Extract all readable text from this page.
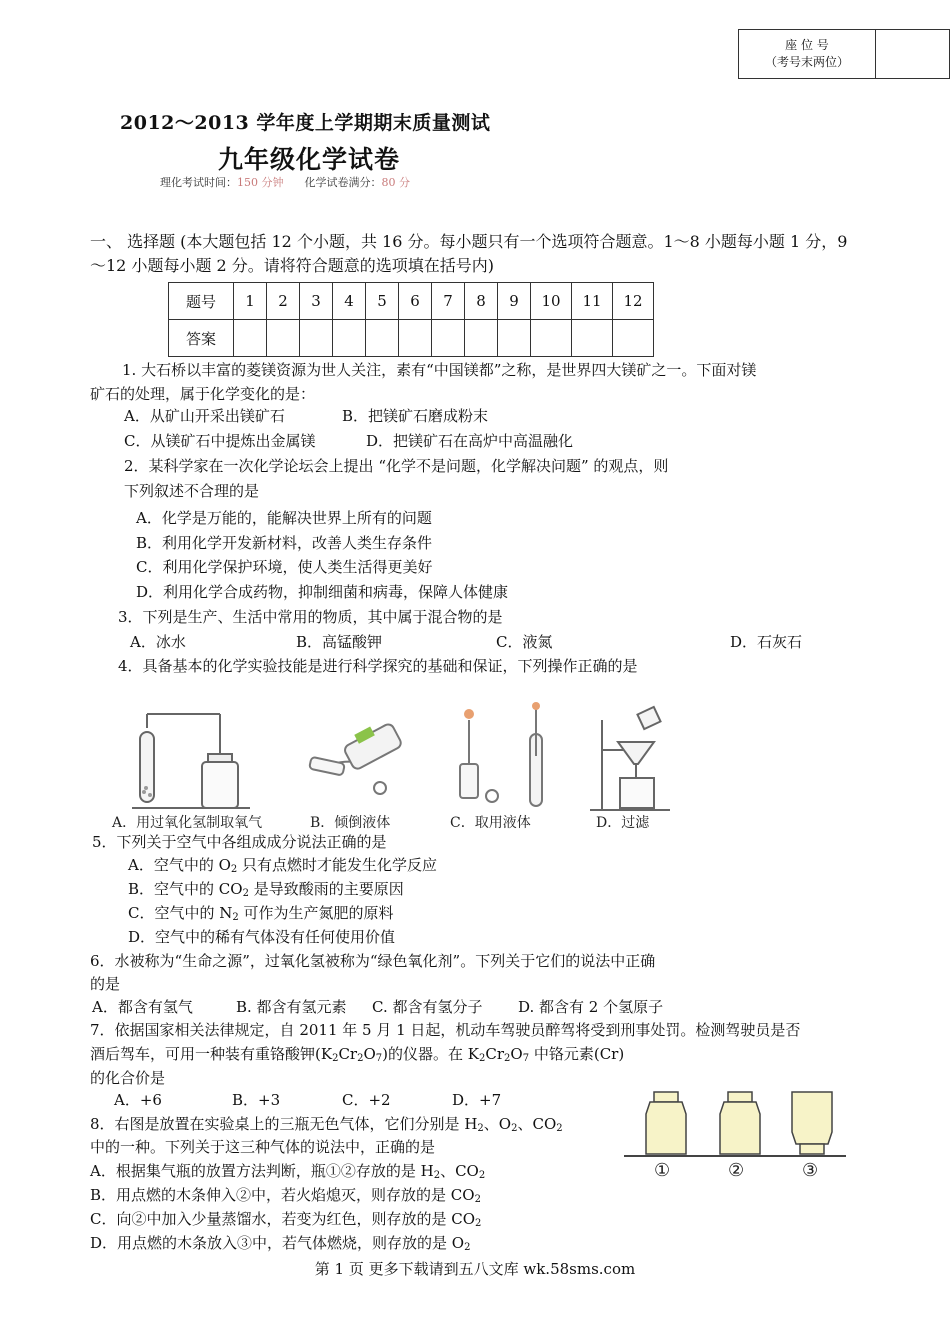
座 位 号
（考号末两位）
2012～2013 学年度上学期期末质量测试
九年级化学试卷
理化考试时间：150 分钟 化学试卷满分：80 分
一、 选择题 (本大题包括 12 个小题，共 16 分。每小题只有一个选项符合题意。1～8 小题每小题 1 分，9～12 小题每小题 2 分。请将符合题意的选项填在括号内)
题号	1	2	3	4	5	6	7	8	9	10	11	12
答案												
1. 大石桥以丰富的菱镁资源为世人关注，素有“中国镁都”之称，是世界四大镁矿之一。下面对镁
矿石的处理，属于化学变化的是：
A．从矿山开采出镁矿石	B．把镁矿石磨成粉末
C．从镁矿石中提炼出金属镁	D．把镁矿石在高炉中高温融化
2．某科学家在一次化学论坛会上提出 “化学不是问题，化学解决问题” 的观点，则
下列叙述不合理的是
A．化学是万能的，能解决世界上所有的问题
B．利用化学开发新材料，改善人类生存条件
C．利用化学保护环境，使人类生活得更美好
D．利用化学合成药物，抑制细菌和病毒，保障人体健康
3．下列是生产、生活中常用的物质，其中属于混合物的是
A．冰水	B．高锰酸钾	C．液氮	D．石灰石
4．具备基本的化学实验技能是进行科学探究的基础和保证，下列操作正确的是
A．用过氧化氢制取氧气	B．倾倒液体	C．取用液体	D．过滤
5．下列关于空气中各组成成分说法正确的是
A．空气中的 $O_2$ 只有点燃时才能发生化学反应
B．空气中的 $CO_2$ 是导致酸雨的主要原因
C．空气中的 $N_2$ 可作为生产氮肥的原料
D．空气中的稀有气体没有任何使用价值
6．水被称为“生命之源”，过氧化氢被称为“绿色氧化剂”。下列关于它们的说法中正确
的是
A．都含有氢气	B. 都含有氢元素 C. 都含有氢分子 D. 都含有 2 个氢原子
7．依据国家相关法律规定，自 2011 年 5 月 1 日起，机动车驾驶员醉驾将受到刑事处罚。检测驾驶员是否
酒后驾车，可用一种装有重铬酸钾$(K_2Cr_2O_7)$的仪器。在 $K_2Cr_2O_7$ 中铬元素(Cr)
的化合价是
A．+6	B．+3	C．+2	D．+7
8．右图是放置在实验桌上的三瓶无色气体，它们分别是 $H_2$、$O_2$、$CO_2$
中的一种。下列关于这三种气体的说法中，正确的是
A．根据集气瓶的放置方法判断，瓶①②存放的是 $H_2$、$CO_2$
B．用点燃的木条伸入②中，若火焰熄灭，则存放的是 $CO_2$
C．向②中加入少量蒸馏水，若变为红色，则存放的是 $CO_2$
D．用点燃的木条放入③中，若气体燃烧，则存放的是 $O_2$
①	②	③
第 1 页 更多下载请到五八文库 wk.58sms.com
